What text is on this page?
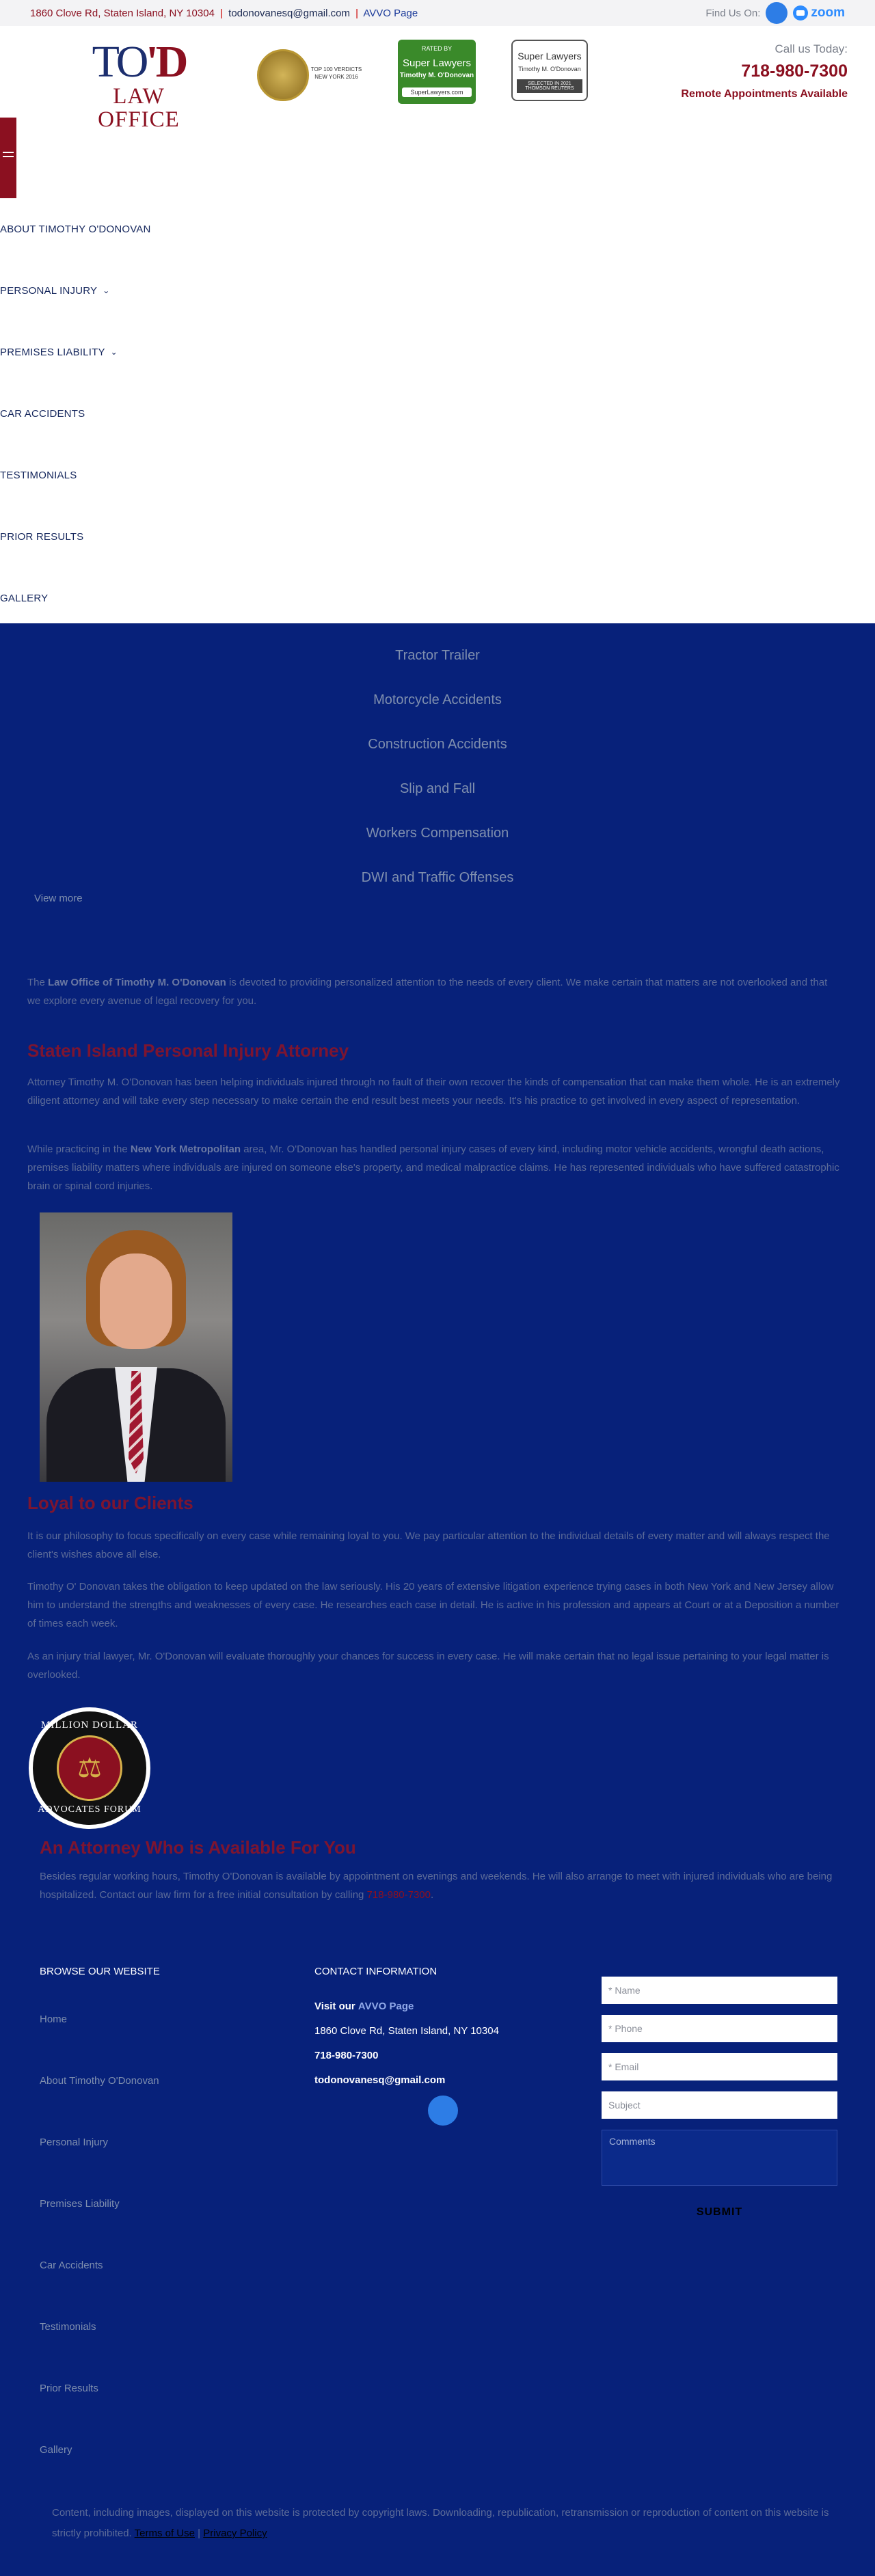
1860 Clove Rd, Staten Island, NY 10304 | todonovanesq@gmail.com | AVVO Page	Find Us On:	zoom
TO'D
LAW OFFICE
TOP 100 VERDICTS NEW YORK 2016
RATED BY
Super Lawyers
Timothy M. O'Donovan
SuperLawyers.com
Super Lawyers
Timothy M. O'Donovan
SELECTED IN 2021 THOMSON REUTERS
Call us Today:
718-980-7300
Remote Appointments Available
ABOUT TIMOTHY O'DONOVAN
PERSONAL INJURY ⌄
PREMISES LIABILITY ⌄
CAR ACCIDENTS
TESTIMONIALS
PRIOR RESULTS
GALLERY
Tractor Trailer
Motorcycle Accidents
Construction Accidents
Slip and Fall
Workers Compensation
DWI and Traffic Offenses
View more

The Law Office of Timothy M. O'Donovan is devoted to providing personalized attention to the needs of every client. We make certain that matters are not overlooked and that we explore every avenue of legal recovery for you.

Staten Island Personal Injury Attorney

Attorney Timothy M. O'Donovan has been helping individuals injured through no fault of their own recover the kinds of compensation that can make them whole. He is an extremely diligent attorney and will take every step necessary to make certain the end result best meets your needs. It's his practice to get involved in every aspect of representation.

While practicing in the New York Metropolitan area, Mr. O'Donovan has handled personal injury cases of every kind, including motor vehicle accidents, wrongful death actions, premises liability matters where individuals are injured on someone else's property, and medical malpractice claims. He has represented individuals who have suffered catastrophic brain or spinal cord injuries.

Loyal to our Clients

It is our philosophy to focus specifically on every case while remaining loyal to you. We pay particular attention to the individual details of every matter and will always respect the client's wishes above all else.

Timothy O' Donovan takes the obligation to keep updated on the law seriously. His 20 years of extensive litigation experience trying cases in both New York and New Jersey allow him to understand the strengths and weaknesses of every case. He researches each case in detail. He is active in his profession and appears at Court or at a Deposition a number of times each week.

As an injury trial lawyer, Mr. O'Donovan will evaluate thoroughly your chances for success in every case. He will make certain that no legal issue pertaining to your legal matter is overlooked.

MILLION DOLLAR
⚖
ADVOCATES FORUM
An Attorney Who is Available For You

Besides regular working hours, Timothy O'Donovan is available by appointment on evenings and weekends. He will also arrange to meet with injured individuals who are being hospitalized. Contact our law firm for a free initial consultation by calling 718-980-7300.

BROWSE OUR WEBSITE
Home
About Timothy O'Donovan
Personal Injury
Premises Liability
Car Accidents
Testimonials
Prior Results
Gallery
CONTACT INFORMATION
Visit our AVVO Page
1860 Clove Rd, Staten Island, NY 10304
718-980-7300
todonovanesq@gmail.com
* Name
* Phone
* Email
Subject
Comments
SUBMIT

Content, including images, displayed on this website is protected by copyright laws. Downloading, republication, retransmission or reproduction of content on this website is strictly prohibited. Terms of Use | Privacy Policy
